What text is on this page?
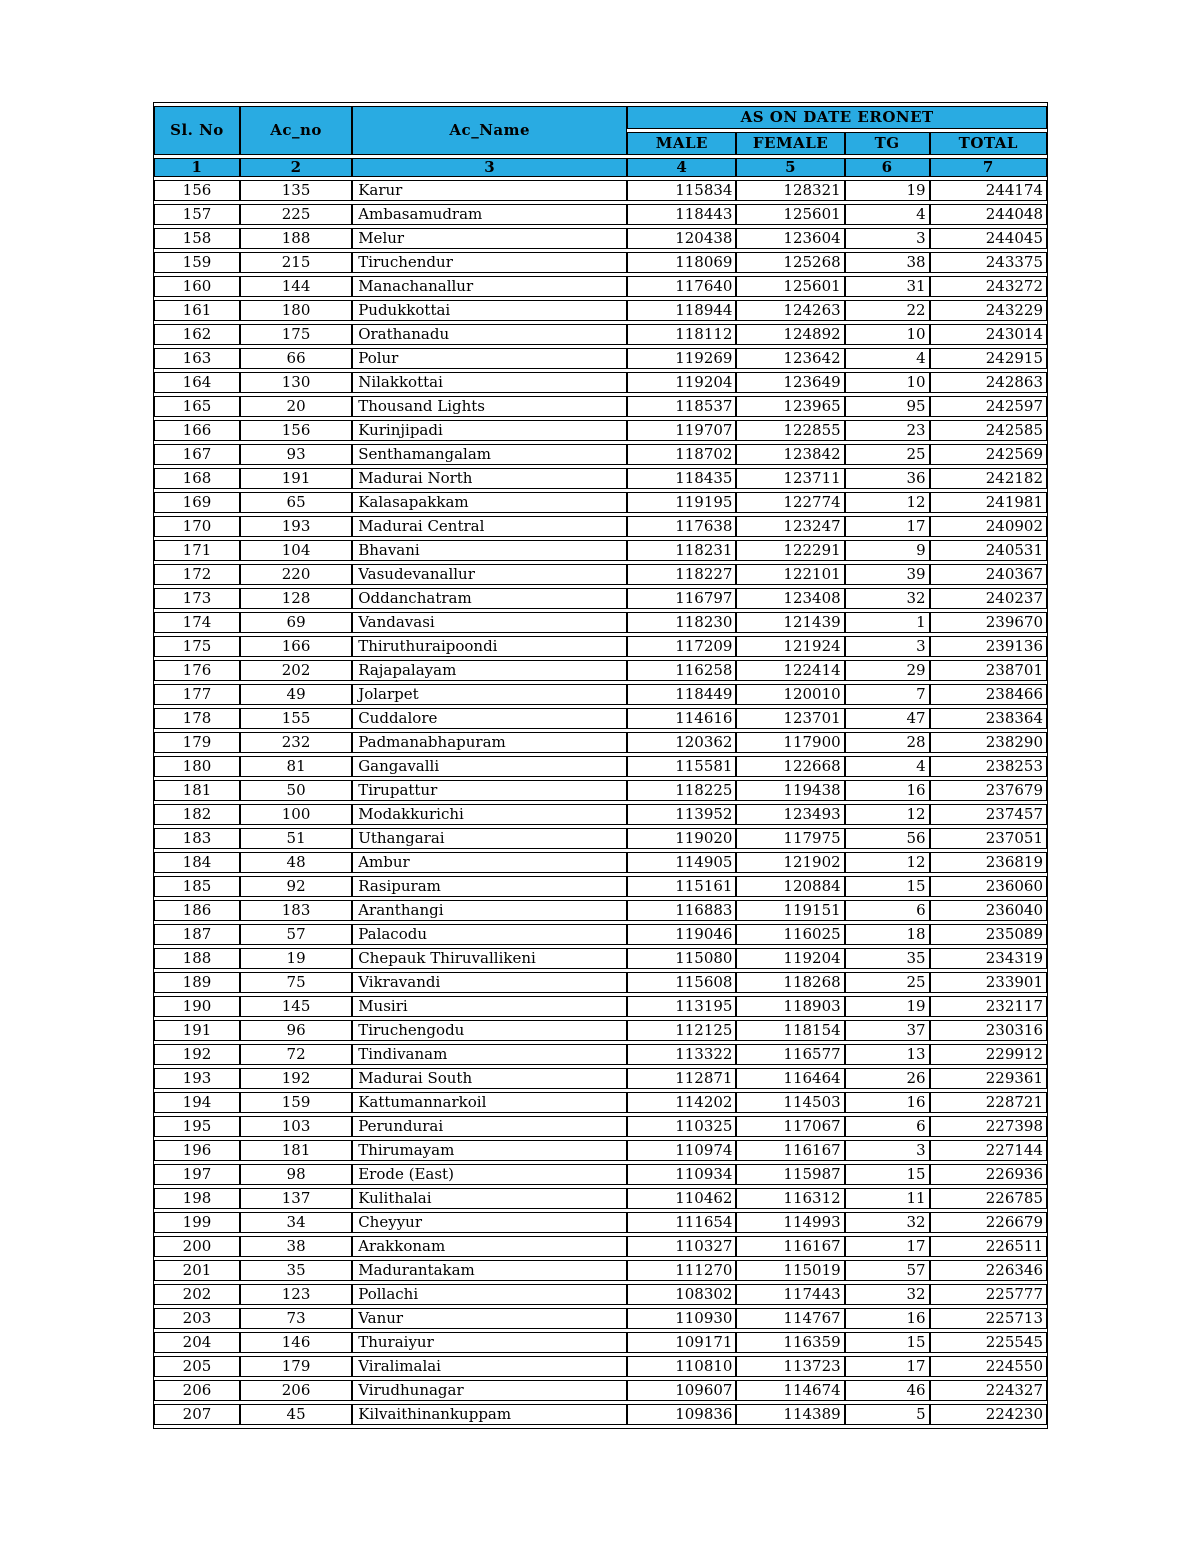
Sl. No	Ac_no	Ac_Name	AS ON DATE ERONET			
			MALE	FEMALE	TG	TOTAL
1	2	3	4	5	6	7
156	135	Karur	115834	128321	19	244174
157	225	Ambasamudram	118443	125601	4	244048
158	188	Melur	120438	123604	3	244045
159	215	Tiruchendur	118069	125268	38	243375
160	144	Manachanallur	117640	125601	31	243272
161	180	Pudukkottai	118944	124263	22	243229
162	175	Orathanadu	118112	124892	10	243014
163	66	Polur	119269	123642	4	242915
164	130	Nilakkottai	119204	123649	10	242863
165	20	Thousand Lights	118537	123965	95	242597
166	156	Kurinjipadi	119707	122855	23	242585
167	93	Senthamangalam	118702	123842	25	242569
168	191	Madurai North	118435	123711	36	242182
169	65	Kalasapakkam	119195	122774	12	241981
170	193	Madurai Central	117638	123247	17	240902
171	104	Bhavani	118231	122291	9	240531
172	220	Vasudevanallur	118227	122101	39	240367
173	128	Oddanchatram	116797	123408	32	240237
174	69	Vandavasi	118230	121439	1	239670
175	166	Thiruthuraipoondi	117209	121924	3	239136
176	202	Rajapalayam	116258	122414	29	238701
177	49	Jolarpet	118449	120010	7	238466
178	155	Cuddalore	114616	123701	47	238364
179	232	Padmanabhapuram	120362	117900	28	238290
180	81	Gangavalli	115581	122668	4	238253
181	50	Tirupattur	118225	119438	16	237679
182	100	Modakkurichi	113952	123493	12	237457
183	51	Uthangarai	119020	117975	56	237051
184	48	Ambur	114905	121902	12	236819
185	92	Rasipuram	115161	120884	15	236060
186	183	Aranthangi	116883	119151	6	236040
187	57	Palacodu	119046	116025	18	235089
188	19	Chepauk Thiruvallikeni	115080	119204	35	234319
189	75	Vikravandi	115608	118268	25	233901
190	145	Musiri	113195	118903	19	232117
191	96	Tiruchengodu	112125	118154	37	230316
192	72	Tindivanam	113322	116577	13	229912
193	192	Madurai South	112871	116464	26	229361
194	159	Kattumannarkoil	114202	114503	16	228721
195	103	Perundurai	110325	117067	6	227398
196	181	Thirumayam	110974	116167	3	227144
197	98	Erode (East)	110934	115987	15	226936
198	137	Kulithalai	110462	116312	11	226785
199	34	Cheyyur	111654	114993	32	226679
200	38	Arakkonam	110327	116167	17	226511
201	35	Madurantakam	111270	115019	57	226346
202	123	Pollachi	108302	117443	32	225777
203	73	Vanur	110930	114767	16	225713
204	146	Thuraiyur	109171	116359	15	225545
205	179	Viralimalai	110810	113723	17	224550
206	206	Virudhunagar	109607	114674	46	224327
207	45	Kilvaithinankuppam	109836	114389	5	224230
